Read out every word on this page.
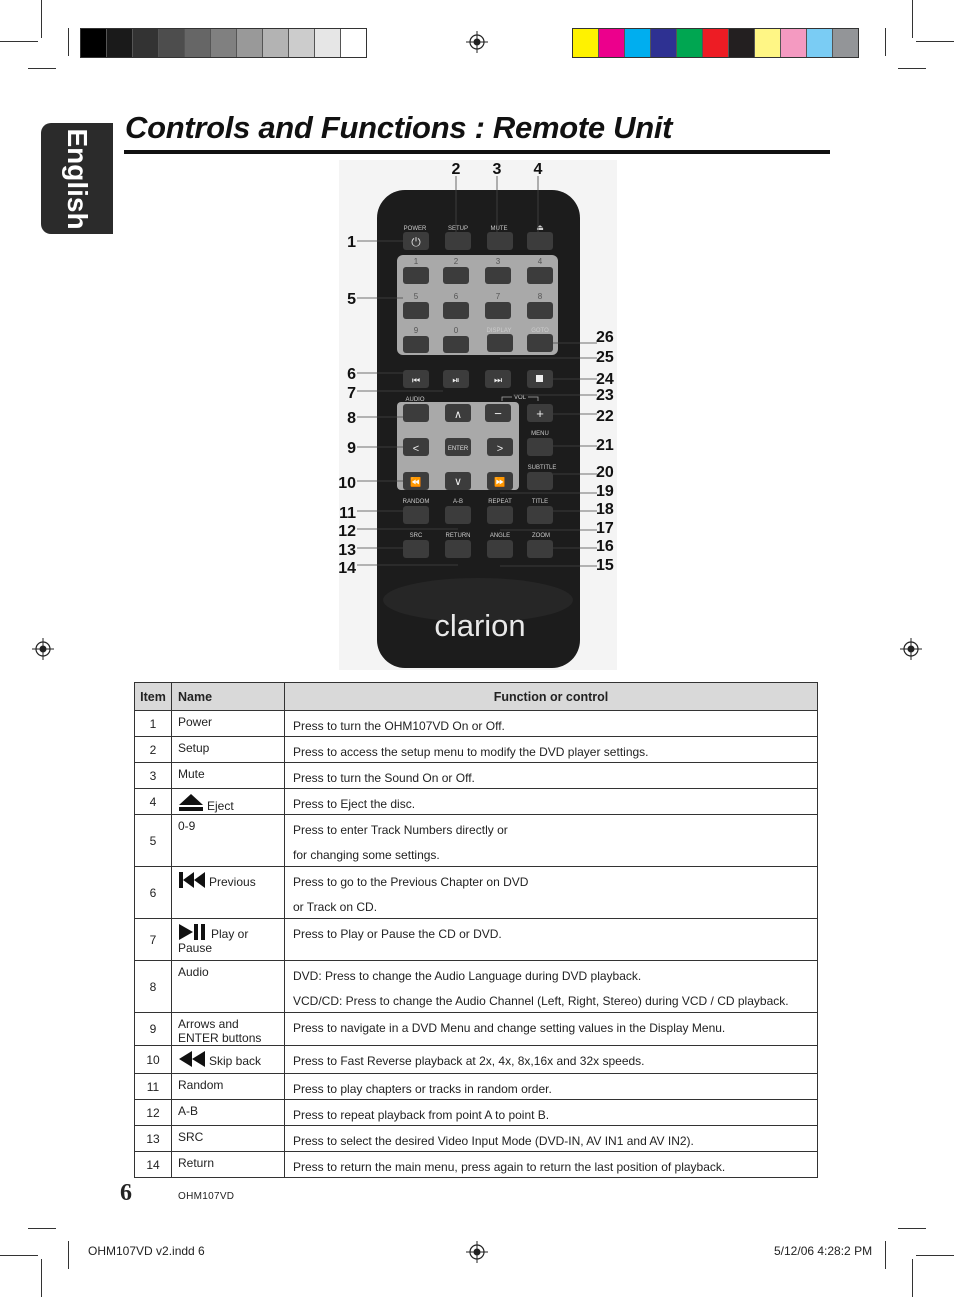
English
Controls and Functions : Remote Unit
⏻
POWER	SETUP	MUTE	⏏
1	2	3	4
5	6	7	8
9	0	DISPLAY	GOTO
⏮	⏯	⏭
AUDIO
−	+
VOL
∧
<	ENTER	>
∨
⏪	⏩
MENU
SUBTITLE
RANDOM	A-B	REPEAT	TITLE
SRC	RETURN	ANGLE	ZOOM
clarion
1
5
6
7
8
9
10
11
12
13
14
2 3 4
26
25
24
23
22
21
20
19
18
17
16
15
Item	Name	Function or control
1	Power	Press to turn the OHM107VD On or Off.

2	Setup	Press to access the setup menu to modify the DVD player settings.

3	Mute	Press to turn the Sound On or Off.

4	Eject	Press to Eject the disc.

5	0-9	Press to enter Track Numbers directly or

for changing some settings.

6	Previous	Press to go to the Previous Chapter on DVD

or Track on CD.

7	Play or Pause	Press to Play or Pause the CD or DVD.

8	Audio	DVD: Press to change the Audio Language during DVD playback.

VCD/CD: Press to change the Audio Channel (Left, Right, Stereo) during VCD / CD playback.

9	Arrows and ENTER buttons	Press to navigate in a DVD Menu and change setting values in the Display Menu.

10	Skip back	Press to Fast Reverse playback at 2x, 4x, 8x,16x and 32x speeds.

11	Random	Press to play chapters or tracks in random order.

12	A-B	Press to repeat playback from point A to point B.

13	SRC	Press to select the desired Video Input Mode (DVD-IN, AV IN1 and AV IN2).

14	Return	Press to return the main menu, press again to return the last position of playback.

6	OHM107VD
OHM107VD v2.indd 6	5/12/06 4:28:2 PM
